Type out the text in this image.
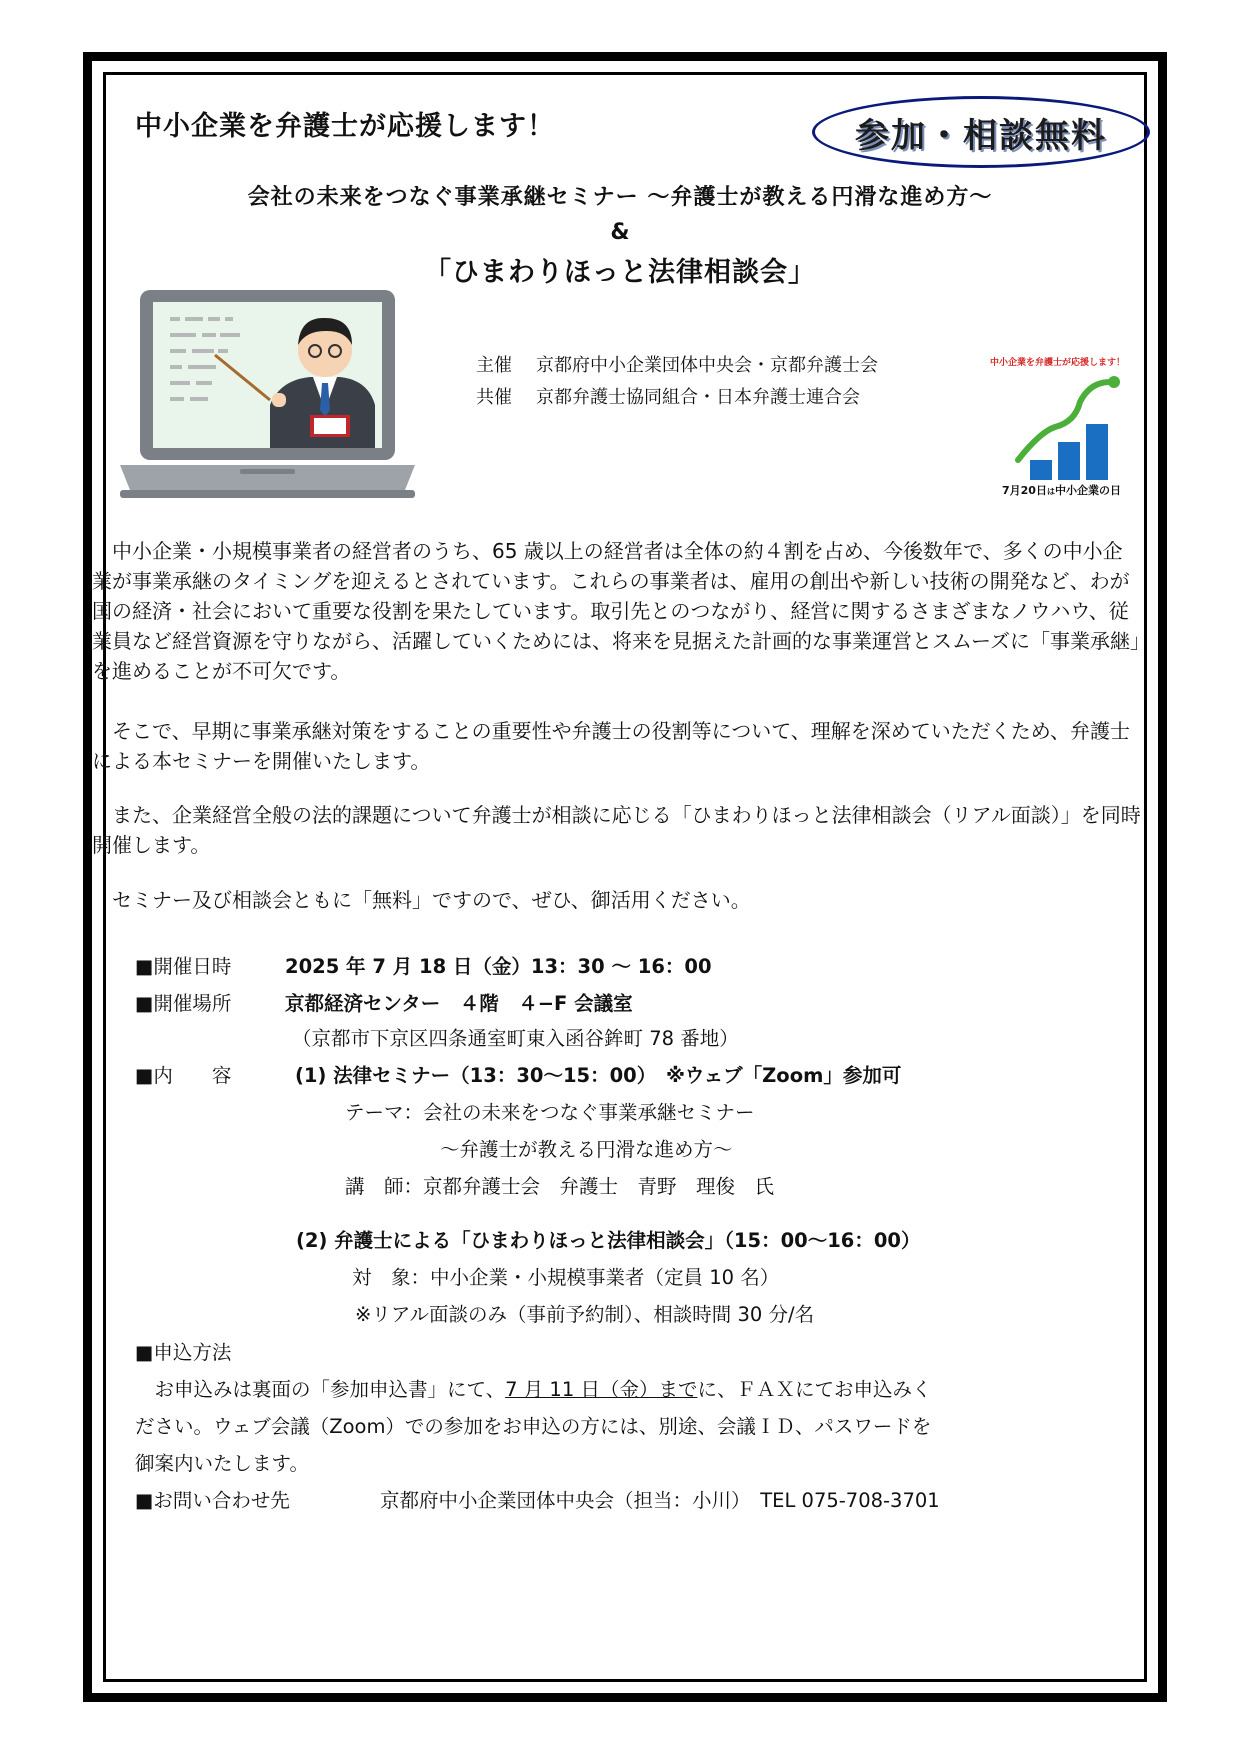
中小企業を弁護士が応援します！	参加・相談無料
会社の未来をつなぐ事業承継セミナー ～弁護士が教える円滑な進め方～
&
「ひまわりほっと法律相談会」
主催 京都府中小企業団体中央会・京都弁護士会
共催 京都弁護士協同組合・日本弁護士連合会
中小企業を弁護士が応援します！
7月20日は中小企業の日
　中小企業・小規模事業者の経営者のうち、65 歳以上の経営者は全体の約４割を占め、今後数年で、多くの中小企業が事業承継のタイミングを迎えるとされています。これらの事業者は、雇用の創出や新しい技術の開発など、わが国の経済・社会において重要な役割を果たしています。取引先とのつながり、経営に関するさまざまなノウハウ、従業員など経営資源を守りながら、活躍していくためには、将来を見据えた計画的な事業運営とスムーズに「事業承継」を進めることが不可欠です。
　そこで、早期に事業承継対策をすることの重要性や弁護士の役割等について、理解を深めていただくため、弁護士による本セミナーを開催いたします。
　また、企業経営全般の法的課題について弁護士が相談に応じる「ひまわりほっと法律相談会（リアル面談）」を同時開催します。
　セミナー及び相談会ともに「無料」ですので、ぜひ、御活用ください。
■開催日時	2025 年 7 月 18 日（金）13：30 ～ 16：00
■開催場所	京都経済センター　４階　４−F 会議室
（京都市下京区四条通室町東入函谷鉾町 78 番地）
■内　　容	(1) 法律セミナー（13：30～15：00）　※ウェブ「Zoom」参加可
テーマ：会社の未来をつなぐ事業承継セミナー
～弁護士が教える円滑な進め方～
講　師：京都弁護士会　弁護士　青野　理俊　氏
(2) 弁護士による「ひまわりほっと法律相談会」（15：00～16：00）
対　象：中小企業・小規模事業者（定員 10 名）
※リアル面談のみ（事前予約制）、相談時間 30 分/名
■申込方法
　お申込みは裏面の「参加申込書」にて、7 月 11 日（金）までに、ＦＡＸにてお申込みく
ださい。ウェブ会議（Zoom）での参加をお申込の方には、別途、会議ＩＤ、パスワードを
御案内いたします。
■お問い合わせ先	京都府中小企業団体中央会（担当：小川）　TEL 075-708-3701
